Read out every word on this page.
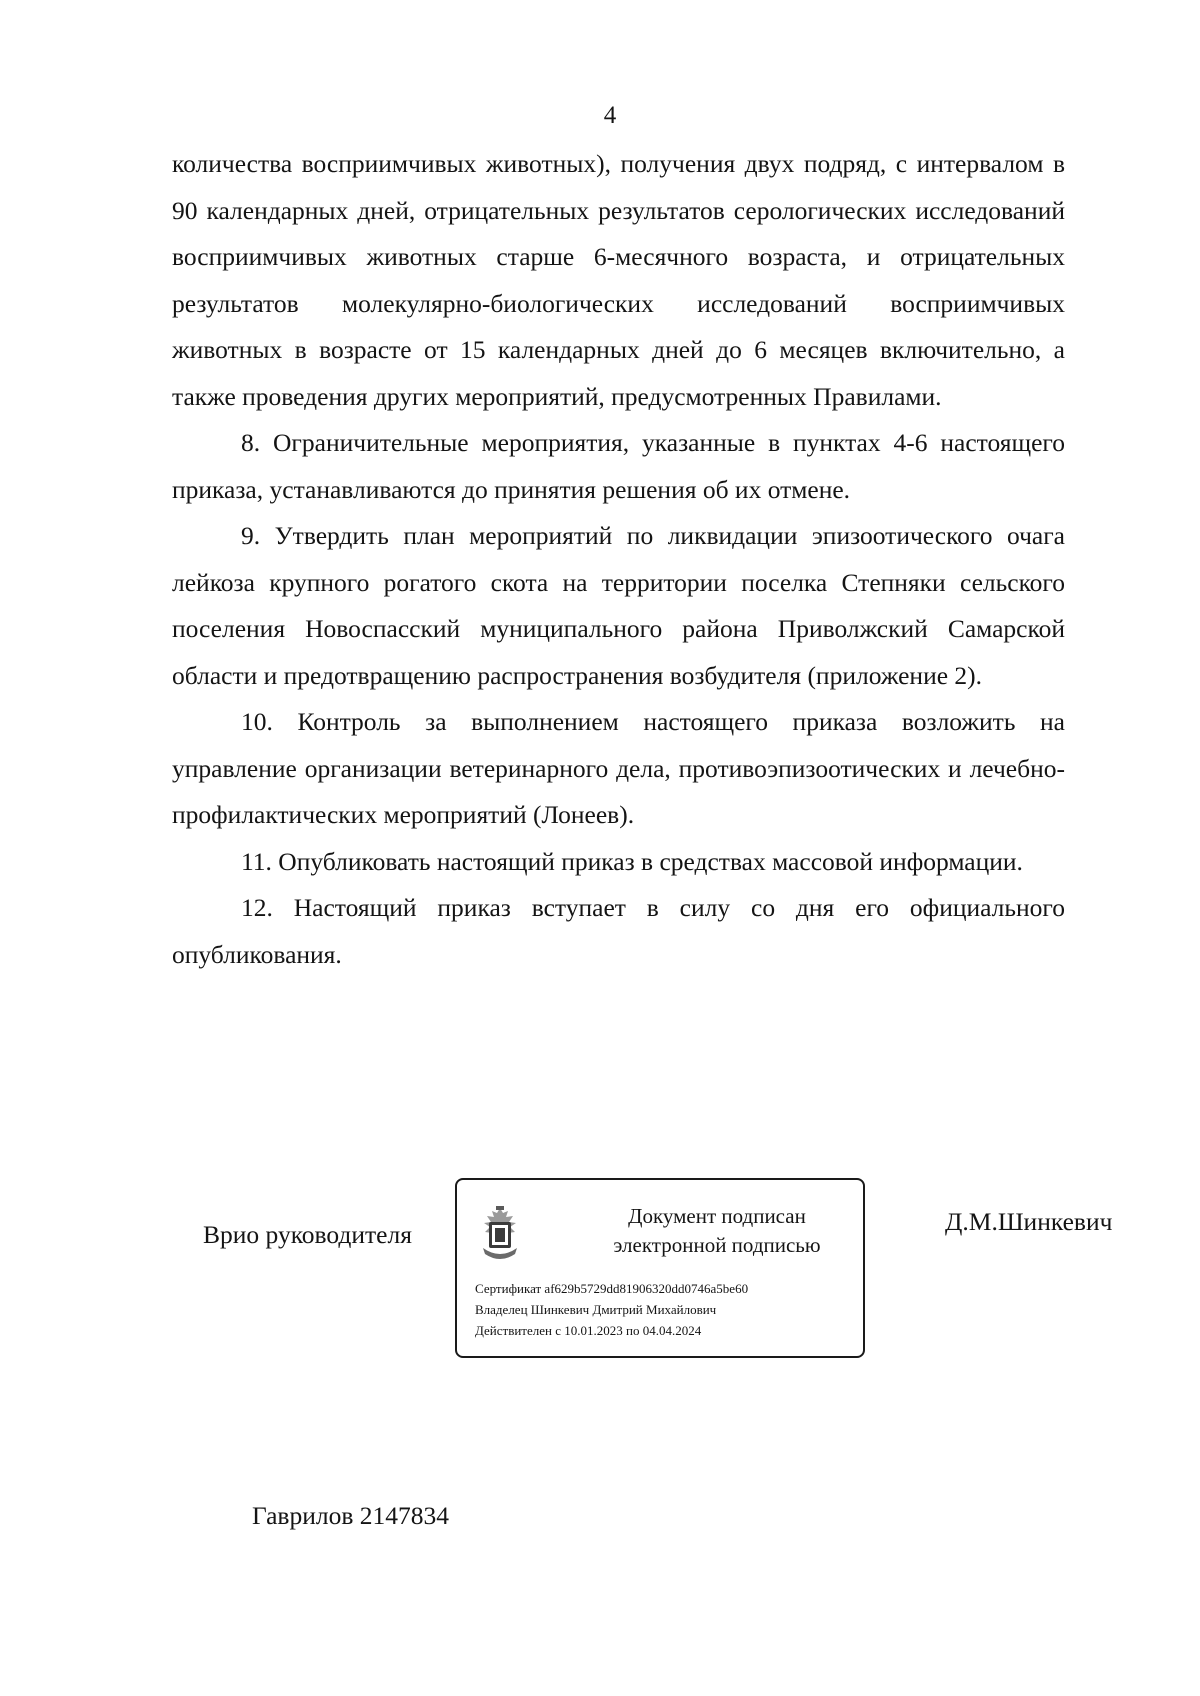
4

количества восприимчивых животных), получения двух подряд, с интервалом в 90 календарных дней, отрицательных результатов серологических исследований восприимчивых животных старше 6-месячного возраста, и отрицательных результатов молекулярно-биологических исследований восприимчивых животных в возрасте от 15 календарных дней до 6 месяцев включительно, а также проведения других мероприятий, предусмотренных Правилами.

8. Ограничительные мероприятия, указанные в пунктах 4-6 настоящего приказа, устанавливаются до принятия решения об их отмене.

9. Утвердить план мероприятий по ликвидации эпизоотического очага лейкоза крупного рогатого скота на территории поселка Степняки сельского поселения Новоспасский муниципального района Приволжский Самарской области и предотвращению распространения возбудителя (приложение 2).

10. Контроль за выполнением настоящего приказа возложить на управление организации ветеринарного дела, противоэпизоотических и лечебно-профилактических мероприятий (Лонеев).

11. Опубликовать настоящий приказ в средствах массовой информации.

12. Настоящий приказ вступает в силу со дня его официального опубликования.

Врио руководителя
Документ подписан
электронной подписью
Сертификат af629b5729dd81906320dd0746a5be60
Владелец Шинкевич Дмитрий Михайлович
Действителен с 10.01.2023 по 04.04.2024
Д.М.Шинкевич
Гаврилов 2147834
